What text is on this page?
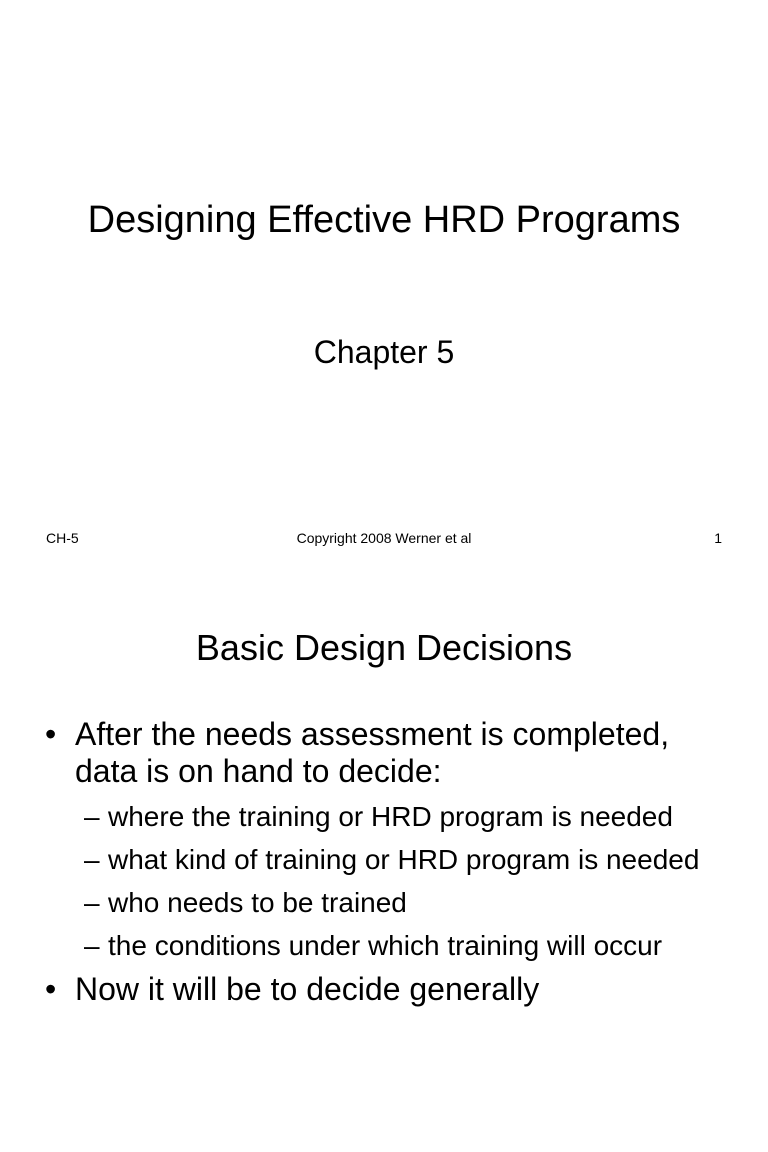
Designing Effective HRD Programs
Chapter 5
CH-5	Copyright 2008 Werner et al	1
Basic Design Decisions
• After the needs assessment is completed, data is on hand to decide:
– where the training or HRD program is needed
– what kind of training or HRD program is needed
– who needs to be trained
– the conditions under which training will occur
• Now it will be to decide generally
